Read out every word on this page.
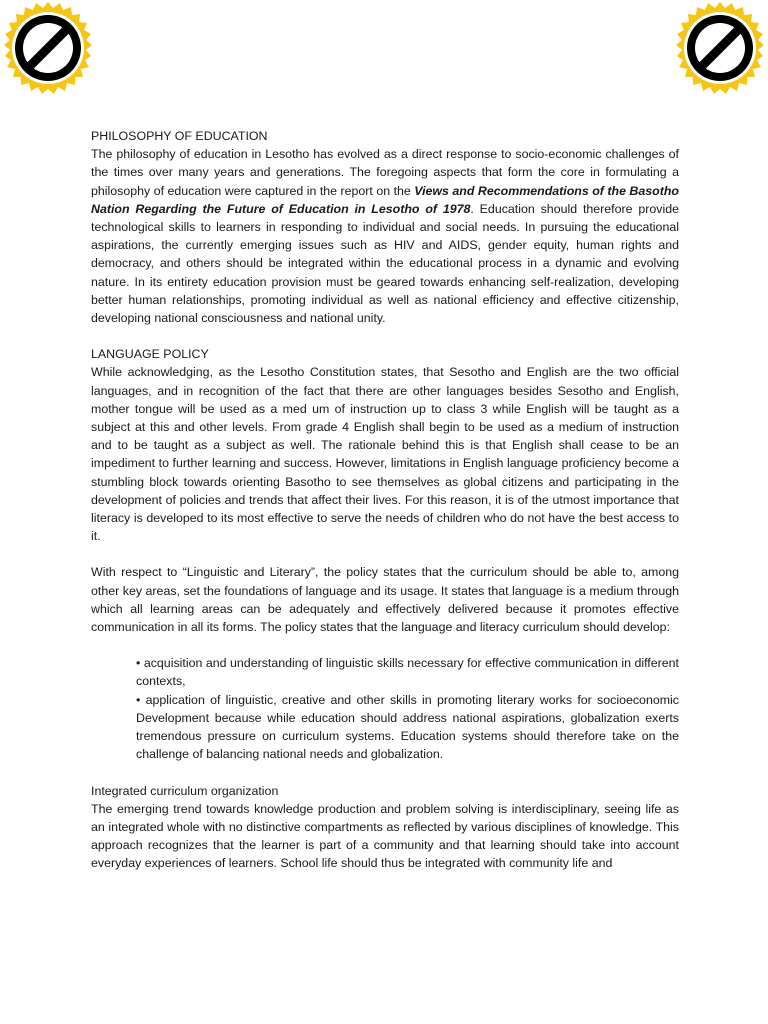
PHILOSOPHY OF EDUCATION

The philosophy of education in Lesotho has evolved as a direct response to socio-economic challenges of the times over many years and generations. The foregoing aspects that form the core in formulating a philosophy of education were captured in the report on the Views and Recommendations of the Basotho Nation Regarding the Future of Education in Lesotho of 1978. Education should therefore provide technological skills to learners in responding to individual and social needs. In pursuing the educational aspirations, the currently emerging issues such as HIV and AIDS, gender equity, human rights and democracy, and others should be integrated within the educational process in a dynamic and evolving nature. In its entirety education provision must be geared towards enhancing self-realization, developing better human relationships, promoting individual as well as national efficiency and effective citizenship, developing national consciousness and national unity.

LANGUAGE POLICY

While acknowledging, as the Lesotho Constitution states, that Sesotho and English are the two official languages, and in recognition of the fact that there are other languages besides Sesotho and English, mother tongue will be used as a med um of instruction up to class 3 while English will be taught as a subject at this and other levels. From grade 4 English shall begin to be used as a medium of instruction and to be taught as a subject as well. The rationale behind this is that English shall cease to be an impediment to further learning and success. However, limitations in English language proficiency become a stumbling block towards orienting Basotho to see themselves as global citizens and participating in the development of policies and trends that affect their lives. For this reason, it is of the utmost importance that literacy is developed to its most effective to serve the needs of children who do not have the best access to it.

With respect to “Linguistic and Literary”, the policy states that the curriculum should be able to, among other key areas, set the foundations of language and its usage. It states that language is a medium through which all learning areas can be adequately and effectively delivered because it promotes effective communication in all its forms. The policy states that the language and literacy curriculum should develop:

• acquisition and understanding of linguistic skills necessary for effective communication in different contexts,
• application of linguistic, creative and other skills in promoting literary works for socioeconomic Development because while education should address national aspirations, globalization exerts tremendous pressure on curriculum systems. Education systems should therefore take on the challenge of balancing national needs and globalization.
Integrated curriculum organization

The emerging trend towards knowledge production and problem solving is interdisciplinary, seeing life as an integrated whole with no distinctive compartments as reflected by various disciplines of knowledge. This approach recognizes that the learner is part of a community and that learning should take into account everyday experiences of learners. School life should thus be integrated with community life and
